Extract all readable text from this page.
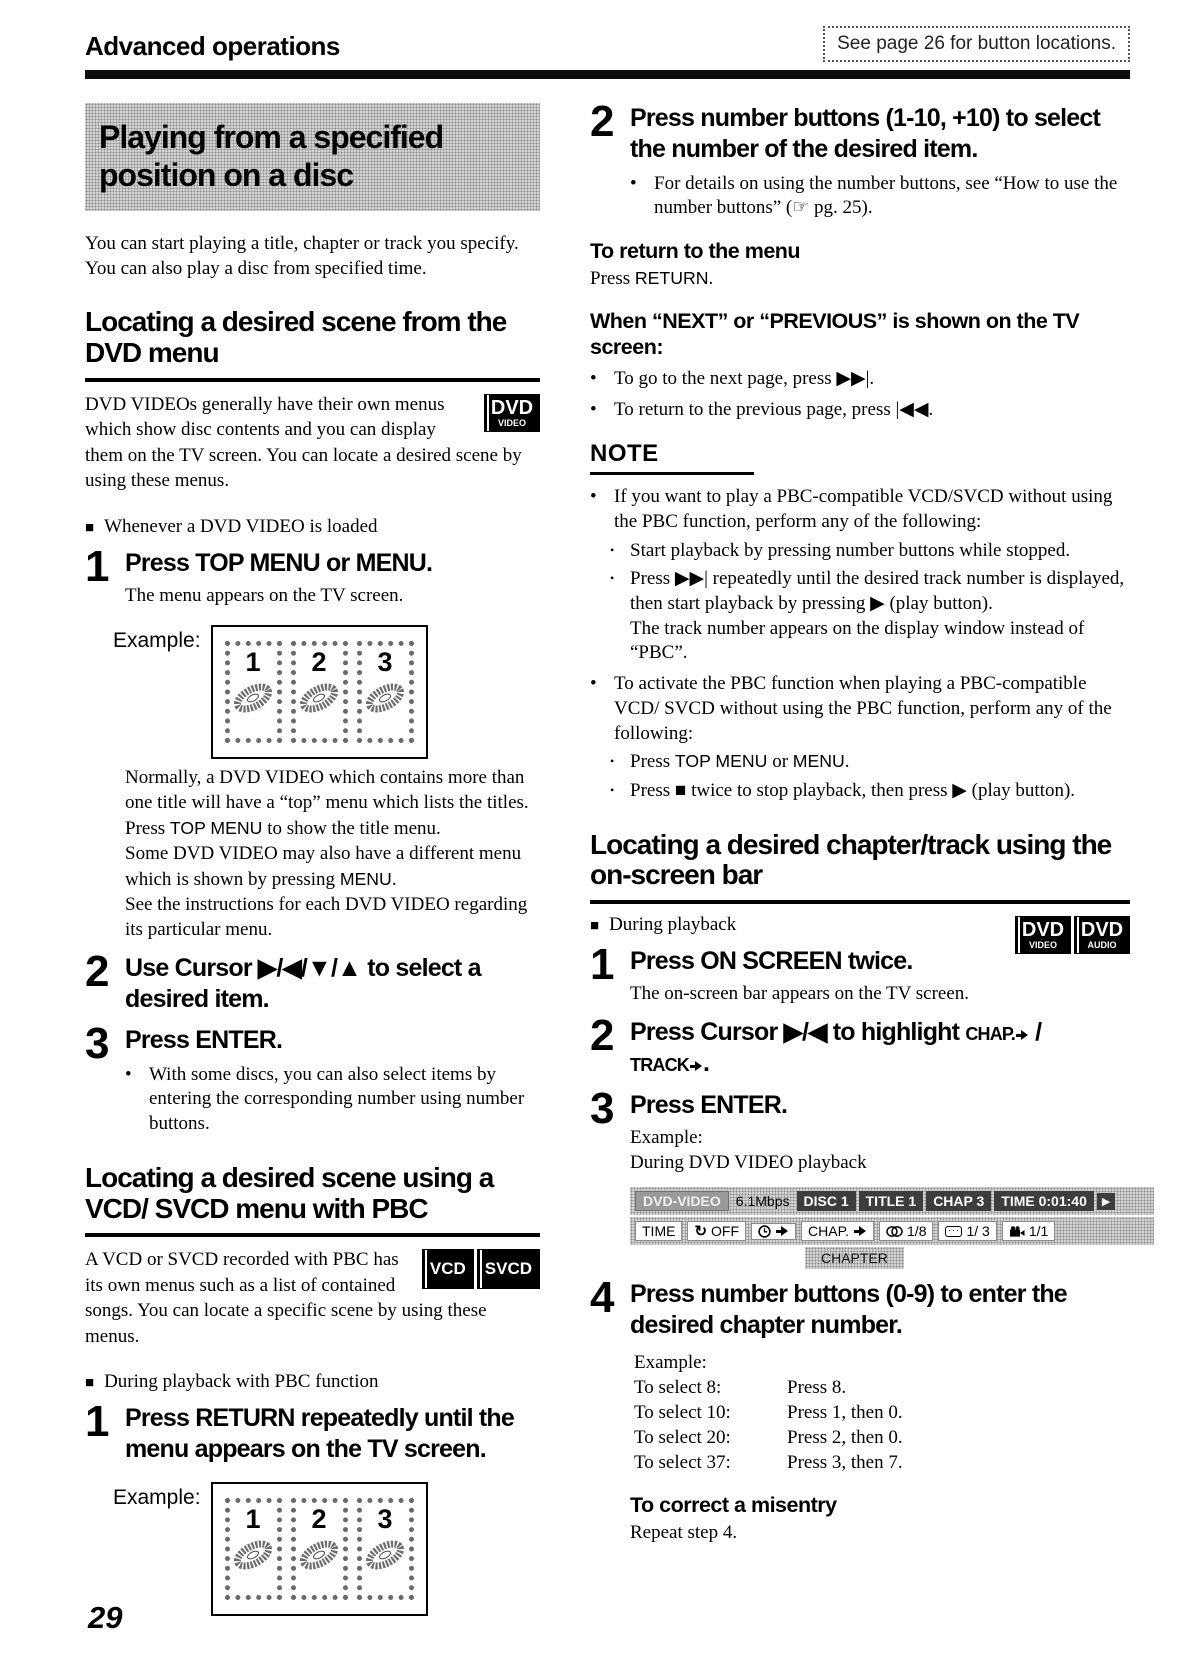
Advanced operations	See page 26 for button locations.
Playing from a specified position on a disc

You can start playing a title, chapter or track you specify. You can also play a disc from specified time.

Locating a desired scene from the DVD menu
DVD
VIDEO

DVD VIDEOs generally have their own menus which show disc contents and you can display them on the TV screen. You can locate a desired scene by using these menus.

■ Whenever a DVD VIDEO is loaded
1 Press TOP MENU or MENU.
The menu appears on the TV screen.
Example:
1 2 3

Normally, a DVD VIDEO which contains more than one title will have a “top” menu which lists the titles. Press TOP MENU to show the title menu.
Some DVD VIDEO may also have a different menu which is shown by pressing MENU.
See the instructions for each DVD VIDEO regarding its particular menu.

2 Use Cursor ▶/◀/▼/▲ to select a desired item.
3 Press ENTER.
• With some discs, you can also select items by entering the corresponding number using number buttons.
Locating a desired scene using a VCD/ SVCD menu with PBC
VCD	SVCD

A VCD or SVCD recorded with PBC has its own menus such as a list of contained songs. You can locate a specific scene by using these menus.

■ During playback with PBC function
1 Press RETURN repeatedly until the menu appears on the TV screen.
Example:
1 2 3
2 Press number buttons (1-10, +10) to select the number of the desired item.
• For details on using the number buttons, see “How to use the number buttons” (☞ pg. 25).
To return to the menu
Press RETURN.
When “NEXT” or “PREVIOUS” is shown on the TV screen:
• To go to the next page, press ▶▶|.
• To return to the previous page, press |◀◀.
NOTE
• If you want to play a PBC-compatible VCD/SVCD without using the PBC function, perform any of the following:
• Start playback by pressing number buttons while stopped.
• Press ▶▶| repeatedly until the desired track number is displayed, then start playback by pressing ▶ (play button).
The track number appears on the display window instead of “PBC”.
• To activate the PBC function when playing a PBC-compatible VCD/ SVCD without using the PBC function, perform any of the following:
• Press TOP MENU or MENU.
• Press ■ twice to stop playback, then press ▶ (play button).
Locating a desired chapter/track using the on-screen bar
DVD
VIDEO
DVD
AUDIO
■ During playback
1 Press ON SCREEN twice.
The on-screen bar appears on the TV screen.
2 Press Cursor ▶/◀ to highlight CHAP. /
TRACK .
3 Press ENTER.
Example:
During DVD VIDEO playback
DVD-VIDEO	6.1Mbps	DISC 1	TITLE 1	CHAP 3	TIME 0:01:40	▶
TIME	↻ OFF	CHAP.	1/8 ··· 1/ 3	1/1
CHAPTER
4 Press number buttons (0-9) to enter the desired chapter number.
Example:
To select 8:	Press 8.
To select 10:	Press 1, then 0.
To select 20:	Press 2, then 0.
To select 37:	Press 3, then 7.
To correct a misentry
Repeat step 4.
29
